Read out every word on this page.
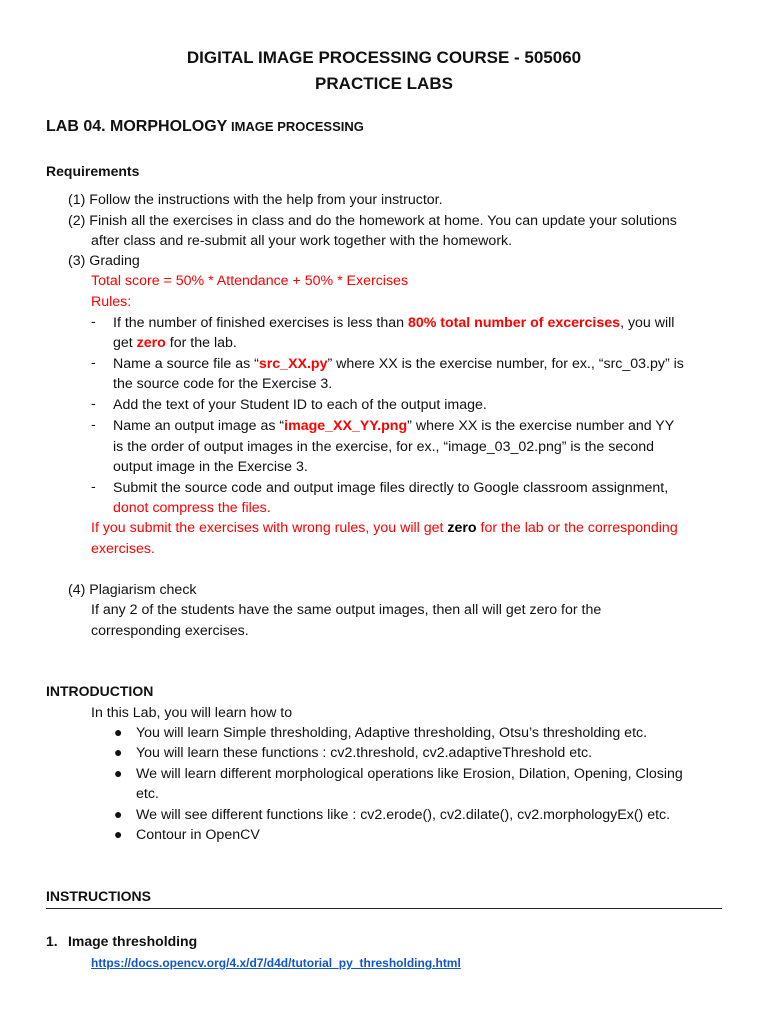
DIGITAL IMAGE PROCESSING COURSE - 505060
PRACTICE LABS
LAB 04. MORPHOLOGY IMAGE PROCESSING
Requirements
(1) Follow the instructions with the help from your instructor.
(2) Finish all the exercises in class and do the homework at home. You can update your solutions
after class and re-submit all your work together with the homework.
(3) Grading
Total score = 50% * Attendance + 50% * Exercises
Rules:
- If the number of finished exercises is less than 80% total number of excercises, you will
get zero for the lab.
- Name a source file as “src_XX.py” where XX is the exercise number, for ex., “src_03.py” is
the source code for the Exercise 3.
- Add the text of your Student ID to each of the output image.
- Name an output image as “image_XX_YY.png” where XX is the exercise number and YY
is the order of output images in the exercise, for ex., “image_03_02.png” is the second
output image in the Exercise 3.
- Submit the source code and output image files directly to Google classroom assignment,
donot compress the files.
If you submit the exercises with wrong rules, you will get zero for the lab or the corresponding
exercises.
(4) Plagiarism check
If any 2 of the students have the same output images, then all will get zero for the
corresponding exercises.
INTRODUCTION
In this Lab, you will learn how to
● You will learn Simple thresholding, Adaptive thresholding, Otsu’s thresholding etc.
● You will learn these functions : cv2.threshold, cv2.adaptiveThreshold etc.
● We will learn different morphological operations like Erosion, Dilation, Opening, Closing
etc.
● We will see different functions like : cv2.erode(), cv2.dilate(), cv2.morphologyEx() etc.
● Contour in OpenCV
INSTRUCTIONS
1. Image thresholding
https://docs.opencv.org/4.x/d7/d4d/tutorial_py_thresholding.html
